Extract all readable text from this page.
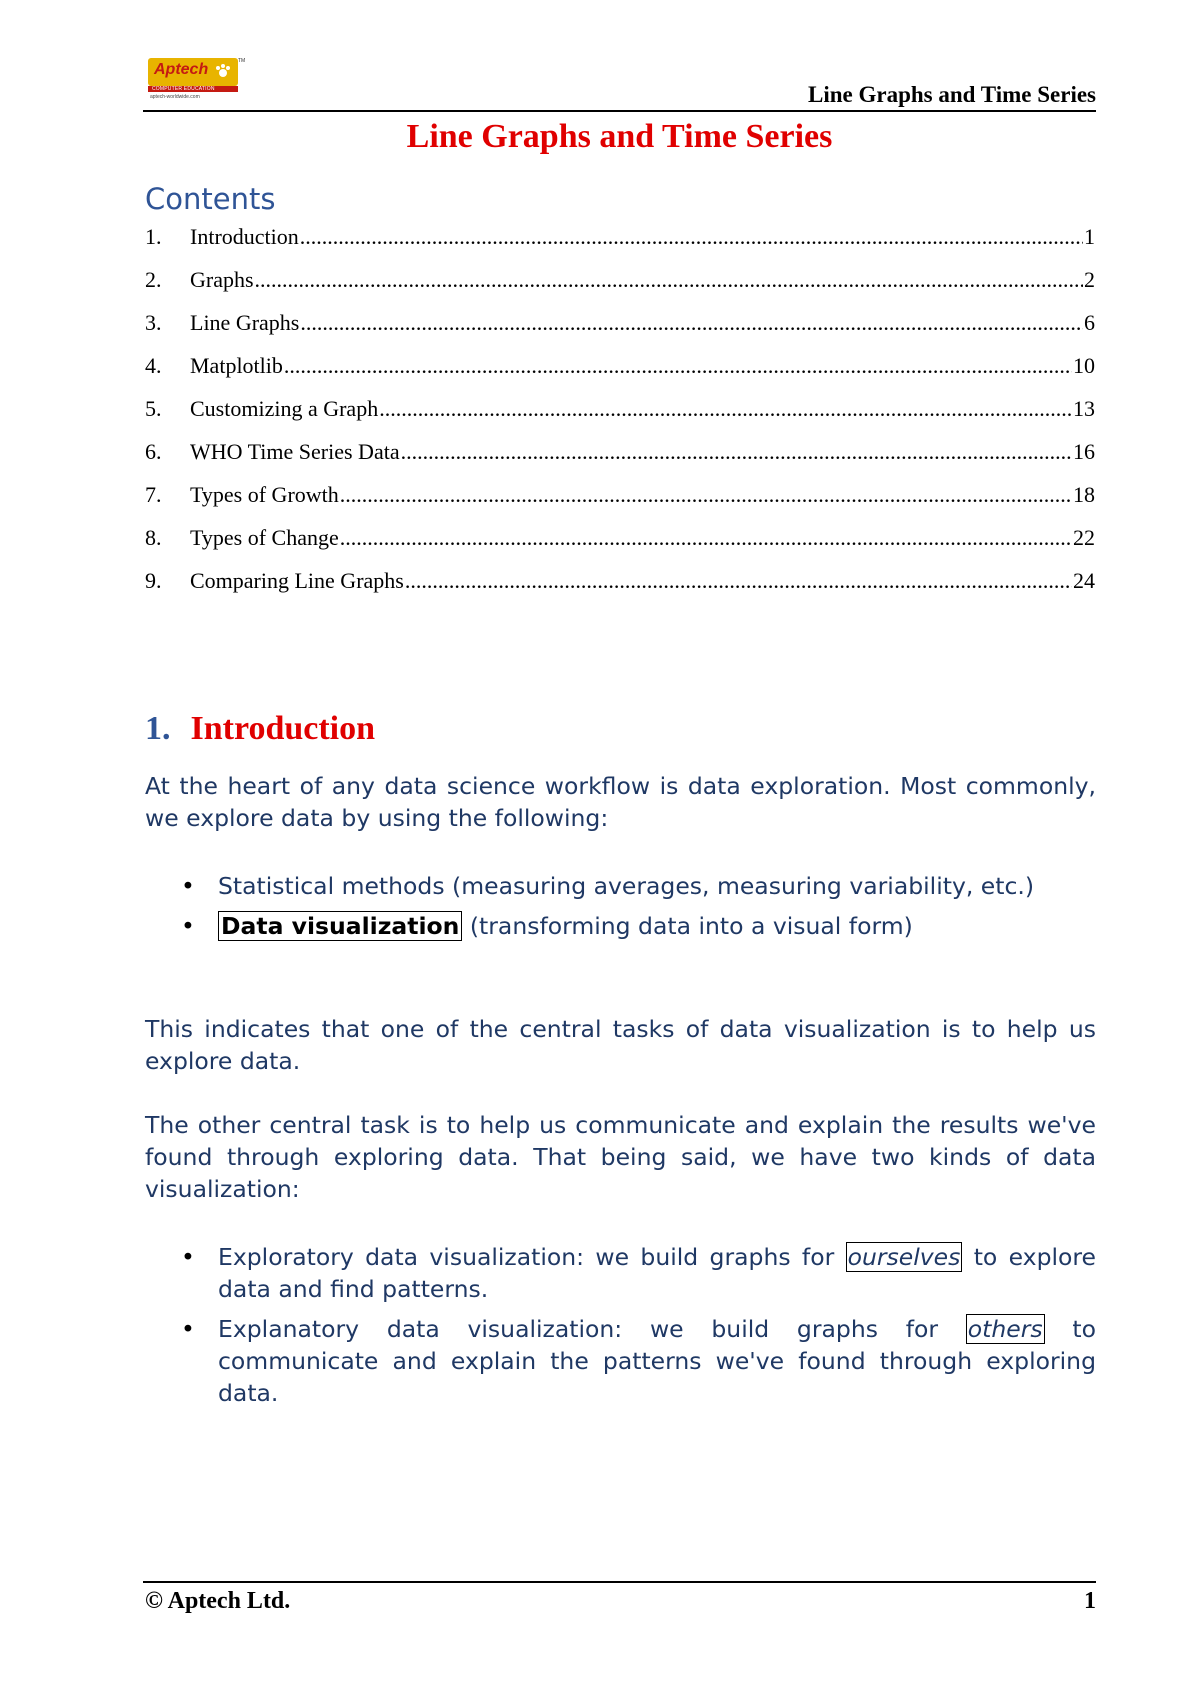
Aptech	TM
COMPUTER EDUCATION
aptech-worldwide.com	Line Graphs and Time Series
Line Graphs and Time Series
Contents
1.	Introduction .....	1
2.	Graphs .....	2
3.	Line Graphs .....	6
4.	Matplotlib .....	10
5.	Customizing a Graph .....	13
6.	WHO Time Series Data .....	16
7.	Types of Growth .....	18
8.	Types of Change .....	22
9.	Comparing Line Graphs .....	24
1. Introduction

At the heart of any data science workflow is data exploration. Most commonly, we explore data by using the following:

• Statistical methods (measuring averages, measuring variability, etc.)
• Data visualization (transforming data into a visual form)

This indicates that one of the central tasks of data visualization is to help us explore data.

The other central task is to help us communicate and explain the results we've found through exploring data. That being said, we have two kinds of data visualization:

• Exploratory data visualization: we build graphs for ourselves to explore data and find patterns.
• Explanatory data visualization: we build graphs for others to communicate and explain the patterns we've found through exploring data.
© Aptech Ltd.	1
